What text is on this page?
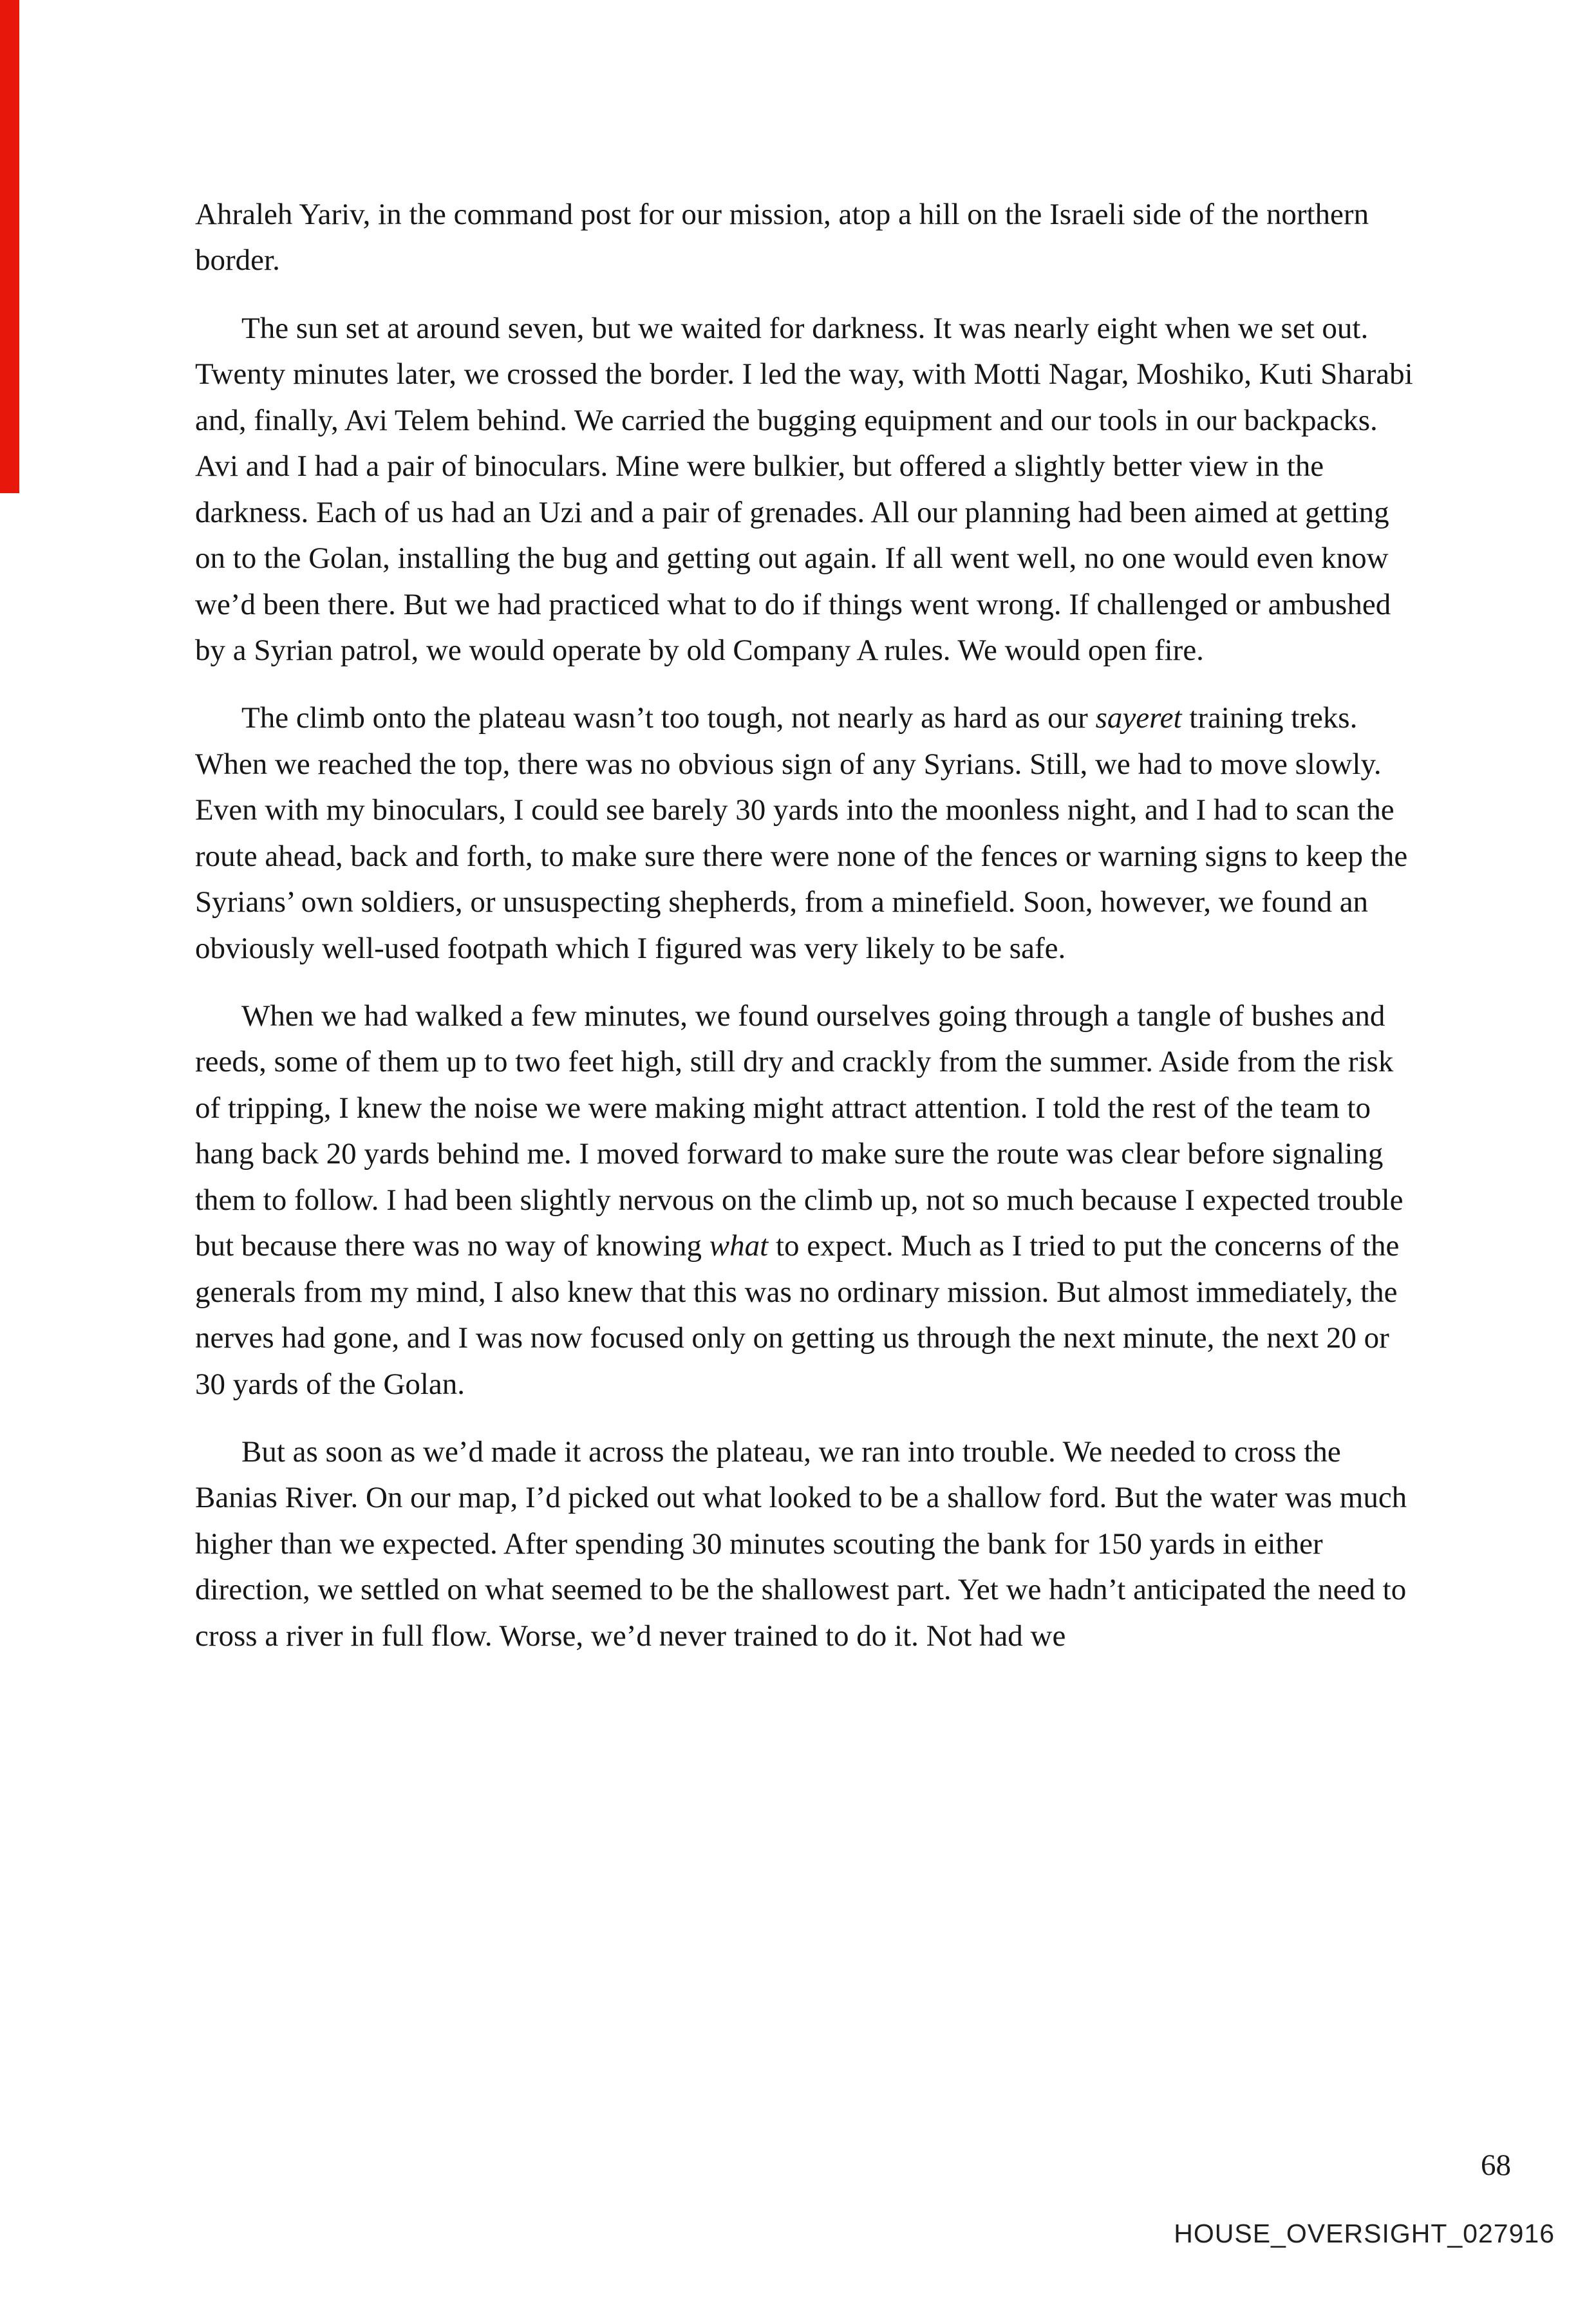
Ahraleh Yariv, in the command post for our mission, atop a hill on the Israeli side of the northern border.

The sun set at around seven, but we waited for darkness. It was nearly eight when we set out. Twenty minutes later, we crossed the border. I led the way, with Motti Nagar, Moshiko, Kuti Sharabi and, finally, Avi Telem behind. We carried the bugging equipment and our tools in our backpacks. Avi and I had a pair of binoculars. Mine were bulkier, but offered a slightly better view in the darkness. Each of us had an Uzi and a pair of grenades. All our planning had been aimed at getting on to the Golan, installing the bug and getting out again. If all went well, no one would even know we’d been there. But we had practiced what to do if things went wrong. If challenged or ambushed by a Syrian patrol, we would operate by old Company A rules. We would open fire.

The climb onto the plateau wasn’t too tough, not nearly as hard as our sayeret training treks. When we reached the top, there was no obvious sign of any Syrians. Still, we had to move slowly. Even with my binoculars, I could see barely 30 yards into the moonless night, and I had to scan the route ahead, back and forth, to make sure there were none of the fences or warning signs to keep the Syrians’ own soldiers, or unsuspecting shepherds, from a minefield. Soon, however, we found an obviously well-used footpath which I figured was very likely to be safe.

When we had walked a few minutes, we found ourselves going through a tangle of bushes and reeds, some of them up to two feet high, still dry and crackly from the summer. Aside from the risk of tripping, I knew the noise we were making might attract attention. I told the rest of the team to hang back 20 yards behind me. I moved forward to make sure the route was clear before signaling them to follow. I had been slightly nervous on the climb up, not so much because I expected trouble but because there was no way of knowing what to expect. Much as I tried to put the concerns of the generals from my mind, I also knew that this was no ordinary mission. But almost immediately, the nerves had gone, and I was now focused only on getting us through the next minute, the next 20 or 30 yards of the Golan.

But as soon as we’d made it across the plateau, we ran into trouble. We needed to cross the Banias River. On our map, I’d picked out what looked to be a shallow ford. But the water was much higher than we expected. After spending 30 minutes scouting the bank for 150 yards in either direction, we settled on what seemed to be the shallowest part. Yet we hadn’t anticipated the need to cross a river in full flow. Worse, we’d never trained to do it. Not had we

68
HOUSE_OVERSIGHT_027916
